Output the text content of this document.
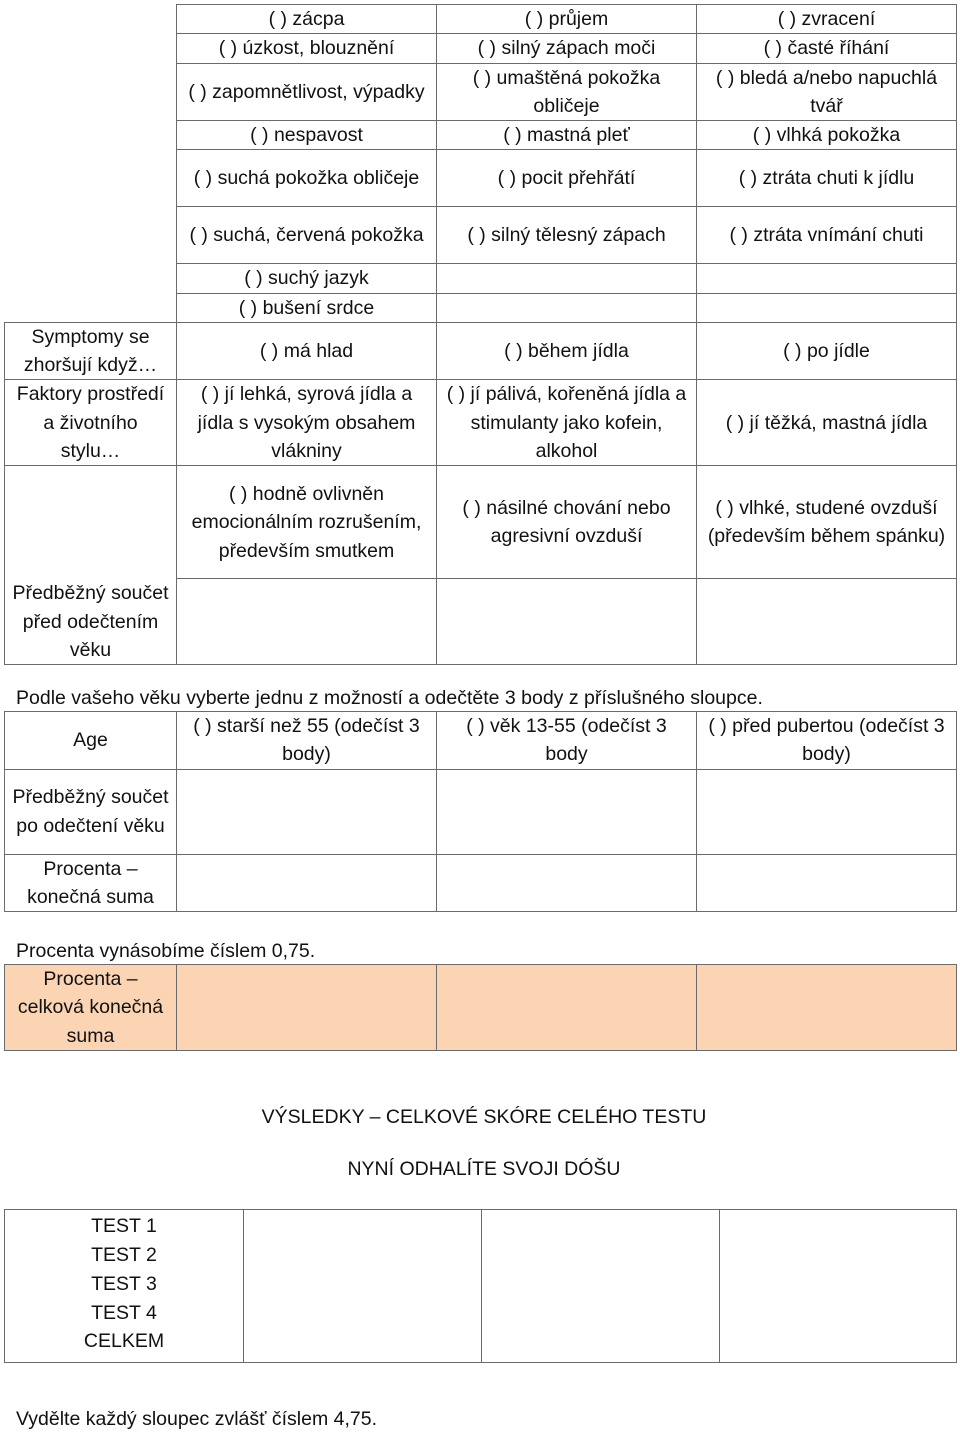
	( ) zácpa	( ) průjem	( ) zvracení
	( ) úzkost, blouznění	( ) silný zápach moči	( ) časté říhání
	( ) zapomnětlivost, výpadky	( ) umaštěná pokožka obličeje	( ) bledá a/nebo napuchlá tvář
	( ) nespavost	( ) mastná pleť	( ) vlhká pokožka
	( ) suchá pokožka obličeje	( ) pocit přehřátí	( ) ztráta chuti k jídlu
	( ) suchá, červená pokožka	( ) silný tělesný zápach	( ) ztráta vnímání chuti
	( ) suchý jazyk		
	( ) bušení srdce		
Symptomy se zhoršují když…	( ) má hlad	( ) během jídla	( ) po jídle
Faktory prostředí a životního stylu…	( ) jí lehká, syrová jídla a jídla s vysokým obsahem vlákniny	( ) jí pálivá, kořeněná jídla a stimulanty jako kofein, alkohol	( ) jí těžká, mastná jídla
	( ) hodně ovlivněn emocionálním rozrušením, především smutkem	( ) násilné chování nebo agresivní ovzduší	( ) vlhké, studené ovzduší (především během spánku)
Předběžný součet před odečtením věku			
Podle vašeho věku vyberte jednu z možností a odečtěte 3 body z příslušného sloupce.
Age	( ) starší než 55 (odečíst 3 body)	( ) věk 13-55 (odečíst 3 body	( ) před pubertou (odečíst 3 body)
Předběžný součet po odečtení věku			
Procenta – konečná suma			
Procenta vynásobíme číslem 0,75.
Procenta – celková konečná suma			
VÝSLEDKY – CELKOVÉ SKÓRE CELÉHO TESTU
NYNÍ ODHALÍTE SVOJI DÓŠU
TEST 1			
TEST 2			
TEST 3			
TEST 4			
CELKEM			
Vydělte každý sloupec zvlášť číslem 4,75.
